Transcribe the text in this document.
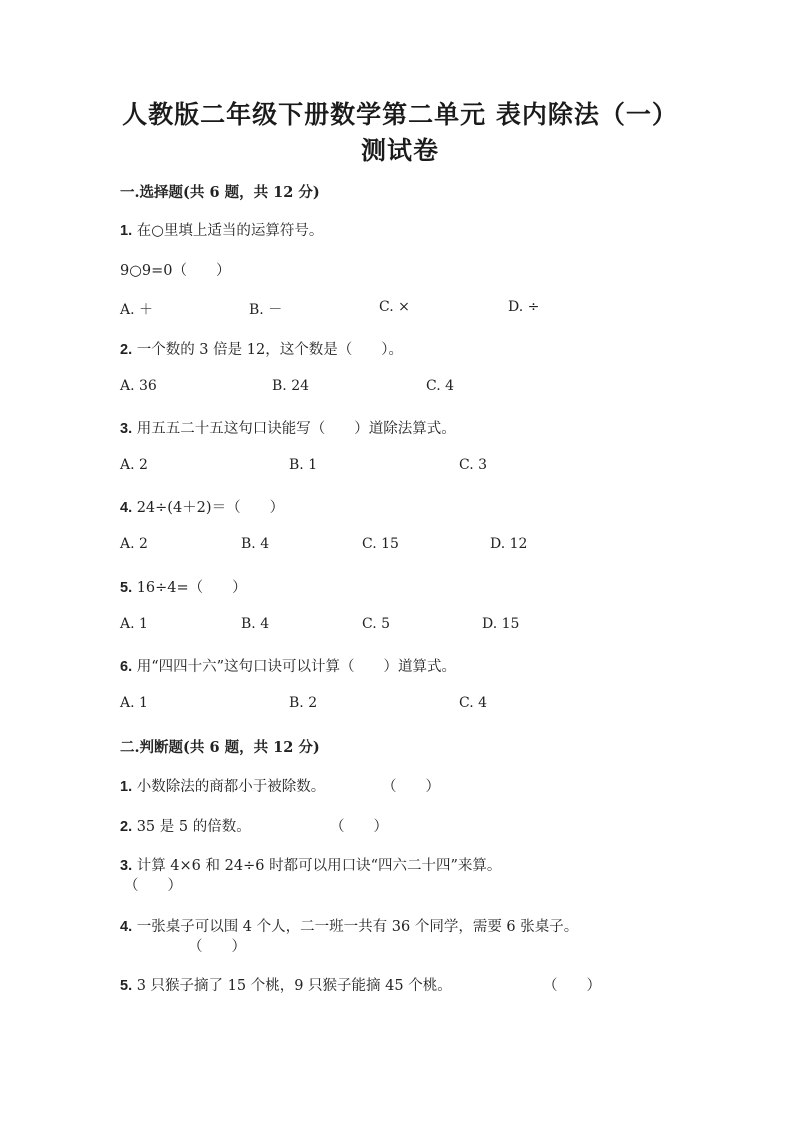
人教版二年级下册数学第二单元 表内除法（一）
测试卷
一.选择题(共 6 题，共 12 分)
1. 在○里填上适当的运算符号。
9○9=0（　　）
A. ＋	B. －	C. ×	D. ÷
2. 一个数的 3 倍是 12，这个数是（　　）。
A. 36	B. 24	C. 4
3. 用五五二十五这句口诀能写（　　）道除法算式。
A. 2	B. 1	C. 3
4. 24÷(4＋2)＝（　　）
A. 2	B. 4	C. 15	D. 12
5. 16÷4=（　　）
A. 1	B. 4	C. 5	D. 15
6. 用“四四十六”这句口诀可以计算（　　）道算式。
A. 1	B. 2	C. 4
二.判断题(共 6 题，共 12 分)
1. 小数除法的商都小于被除数。	（　　）
2. 35 是 5 的倍数。	（　　）
3. 计算 4×6 和 24÷6 时都可以用口诀“四六二十四”来算。
（　　）
4. 一张桌子可以围 4 个人，二一班一共有 36 个同学，需要 6 张桌子。
（　　）
5. 3 只猴子摘了 15 个桃，9 只猴子能摘 45 个桃。	（　　）
